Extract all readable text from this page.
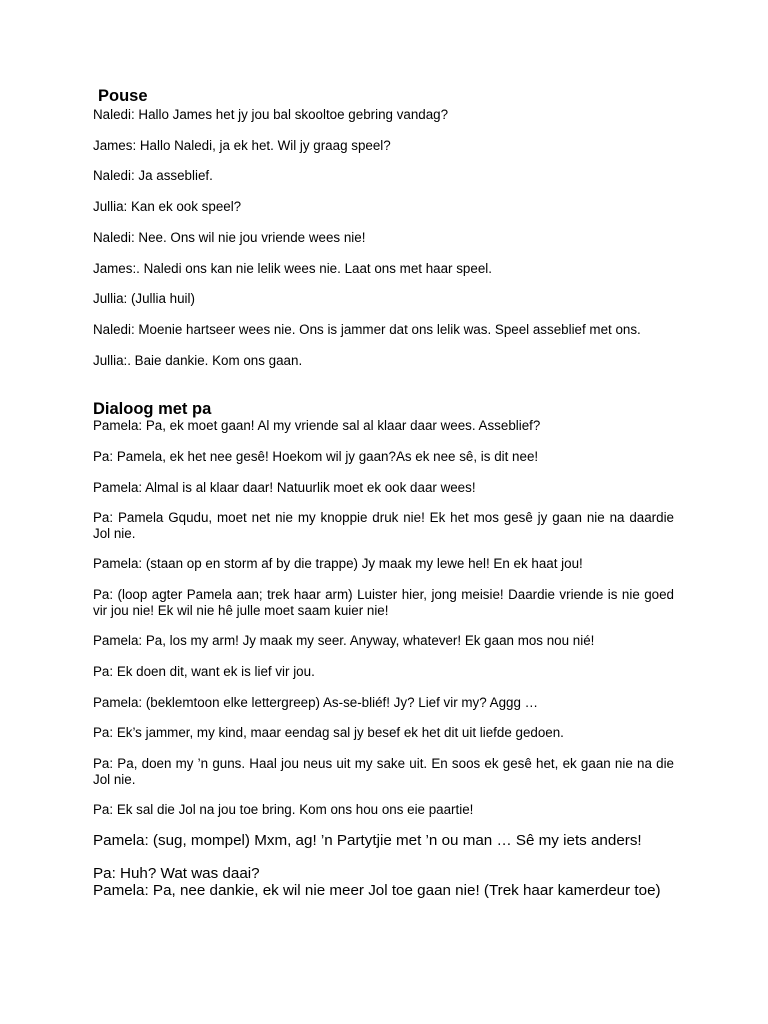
Pouse
Naledi: Hallo James het jy jou bal skooltoe gebring vandag?
James: Hallo Naledi, ja ek het. Wil jy graag speel?
Naledi: Ja asseblief.
Jullia: Kan ek ook speel?
Naledi: Nee. Ons wil nie jou vriende wees nie!
James:. Naledi ons kan nie lelik wees nie. Laat ons met haar speel.
Jullia: (Jullia huil)
Naledi: Moenie hartseer wees nie. Ons is jammer dat ons lelik was. Speel asseblief met ons.
Jullia:. Baie dankie. Kom ons gaan.
Dialoog met pa
Pamela: Pa, ek moet gaan! Al my vriende sal al klaar daar wees. Asseblief?
Pa: Pamela, ek het nee gesê! Hoekom wil jy gaan?As ek nee sê, is dit nee!
Pamela: Almal is al klaar daar! Natuurlik moet ek ook daar wees!
Pa: Pamela Gqudu, moet net nie my knoppie druk nie! Ek het mos gesê jy gaan nie na daardie Jol nie.
Pamela: (staan op en storm af by die trappe) Jy maak my lewe hel! En ek haat jou!
Pa: (loop agter Pamela aan; trek haar arm) Luister hier, jong meisie! Daardie vriende is nie goed vir jou nie! Ek wil nie hê julle moet saam kuier nie!
Pamela: Pa, los my arm! Jy maak my seer. Anyway, whatever! Ek gaan mos nou nié!
Pa: Ek doen dit, want ek is lief vir jou.
Pamela: (beklemtoon elke lettergreep) As-se-bliéf! Jy? Lief vir my? Aggg …
Pa: Ek’s jammer, my kind, maar eendag sal jy besef ek het dit uit liefde gedoen.
Pa: Pa, doen my ’n guns. Haal jou neus uit my sake uit. En soos ek gesê het, ek gaan nie na die Jol nie.
Pa: Ek sal die Jol na jou toe bring. Kom ons hou ons eie paartie!
Pamela: (sug, mompel) Mxm, ag! ’n Partytjie met ’n ou man … Sê my iets anders!
Pa: Huh? Wat was daai?
Pamela: Pa, nee dankie, ek wil nie meer Jol toe gaan nie! (Trek haar kamerdeur toe)
